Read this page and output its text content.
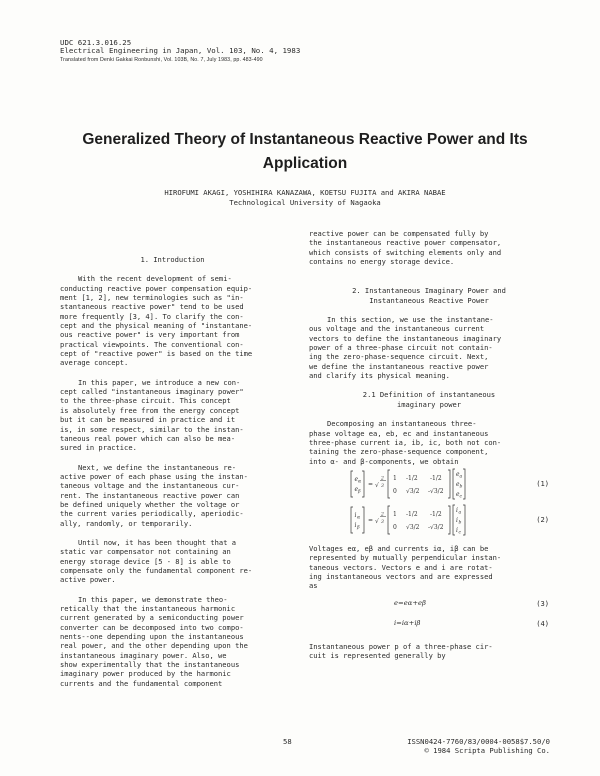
UDC 621.3.016.25
Electrical Engineering in Japan, Vol. 103, No. 4, 1983
Translated from Denki Gakkai Ronbunshi, Vol. 103B, No. 7, July 1983, pp. 483-490
Generalized Theory of Instantaneous Reactive Power and Its
Application
HIROFUMI AKAGI, YOSHIHIRA KANAZAWA, KOETSU FUJITA and AKIRA NABAE
Technological University of Nagaoka

1. Introduction

With the recent development of semi-
conducting reactive power compensation equip-
ment [1, 2], new terminologies such as "in-
stantaneous reactive power" tend to be used
more frequently [3, 4]. To clarify the con-
cept and the physical meaning of "instantane-
ous reactive power" is very important from
practical viewpoints. The conventional con-
cept of "reactive power" is based on the time
average concept.

In this paper, we introduce a new con-
cept called "instantaneous imaginary power"
to the three-phase circuit. This concept
is absolutely free from the energy concept
but it can be measured in practice and it
is, in some respect, similar to the instan-
taneous real power which can also be mea-
sured in practice.

Next, we define the instantaneous re-
active power of each phase using the instan-
taneous voltage and the instantaneous cur-
rent. The instantaneous reactive power can
be defined uniquely whether the voltage or
the current varies periodically, aperiodic-
ally, randomly, or temporarily.

Until now, it has been thought that a
static var compensator not containing an
energy storage device [5 - 8] is able to
compensate only the fundamental component re-
active power.

In this paper, we demonstrate theo-
retically that the instantaneous harmonic
current generated by a semiconducting power
converter can be decomposed into two compo-
nents--one depending upon the instantaneous
real power, and the other depending upon the
instantaneous imaginary power. Also, we
show experimentally that the instantaneous
imaginary power produced by the harmonic
currents and the fundamental component

reactive power can be compensated fully by
the instantaneous reactive power compensator,
which consists of switching elements only and
contains no energy storage device.

2. Instantaneous Imaginary Power and
Instantaneous Reactive Power

In this section, we use the instantane-
ous voltage and the instantaneous current
vectors to define the instantaneous imaginary
power of a three-phase circuit not contain-
ing the zero-phase-sequence circuit. Next,
we define the instantaneous reactive power
and clarify its physical meaning.

2.1 Definition of instantaneous
imaginary power

Decomposing an instantaneous three-
phase voltage ea, eb, ec and instantaneous
three-phase current ia, ib, ic, both not con-
taining the zero-phase-sequence component,
into α- and β-components, we obtain

e α
e β
= √
2
3
1 -1/2 -1/2
0 √3/2 -√3/2
e a
e b
e c
(1)
i α
i β
= √
2
3
1 -1/2 -1/2
0 √3/2 -√3/2
i a
i b
i c
(2)

Voltages eα, eβ and currents iα, iβ can be
represented by mutually perpendicular instan-
taneous vectors. Vectors e and i are rotat-
ing instantaneous vectors and are expressed
as

e=eα+eβ	(3)
i=iα+iβ	(4)

Instantaneous power p of a three-phase cir-
cuit is represented generally by

58	ISSN0424-7760/83/0004-0058$7.50/0
© 1984 Scripta Publishing Co.
